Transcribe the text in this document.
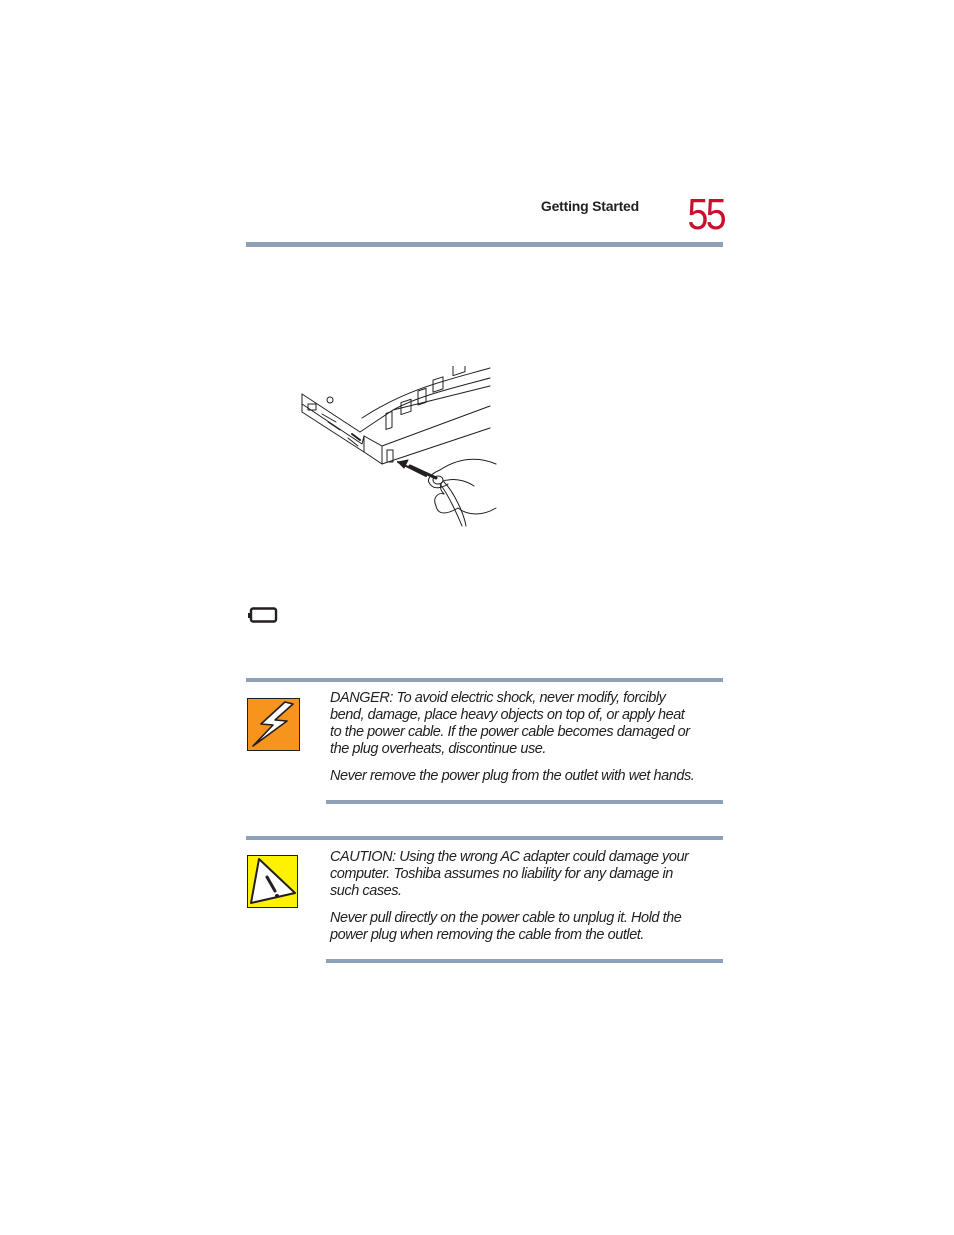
Getting Started	55

DANGER: To avoid electric shock, never modify, forcibly
bend, damage, place heavy objects on top of, or apply heat
to the power cable. If the power cable becomes damaged or
the plug overheats, discontinue use.

Never remove the power plug from the outlet with wet hands.

CAUTION: Using the wrong AC adapter could damage your
computer. Toshiba assumes no liability for any damage in
such cases.

Never pull directly on the power cable to unplug it. Hold the
power plug when removing the cable from the outlet.
